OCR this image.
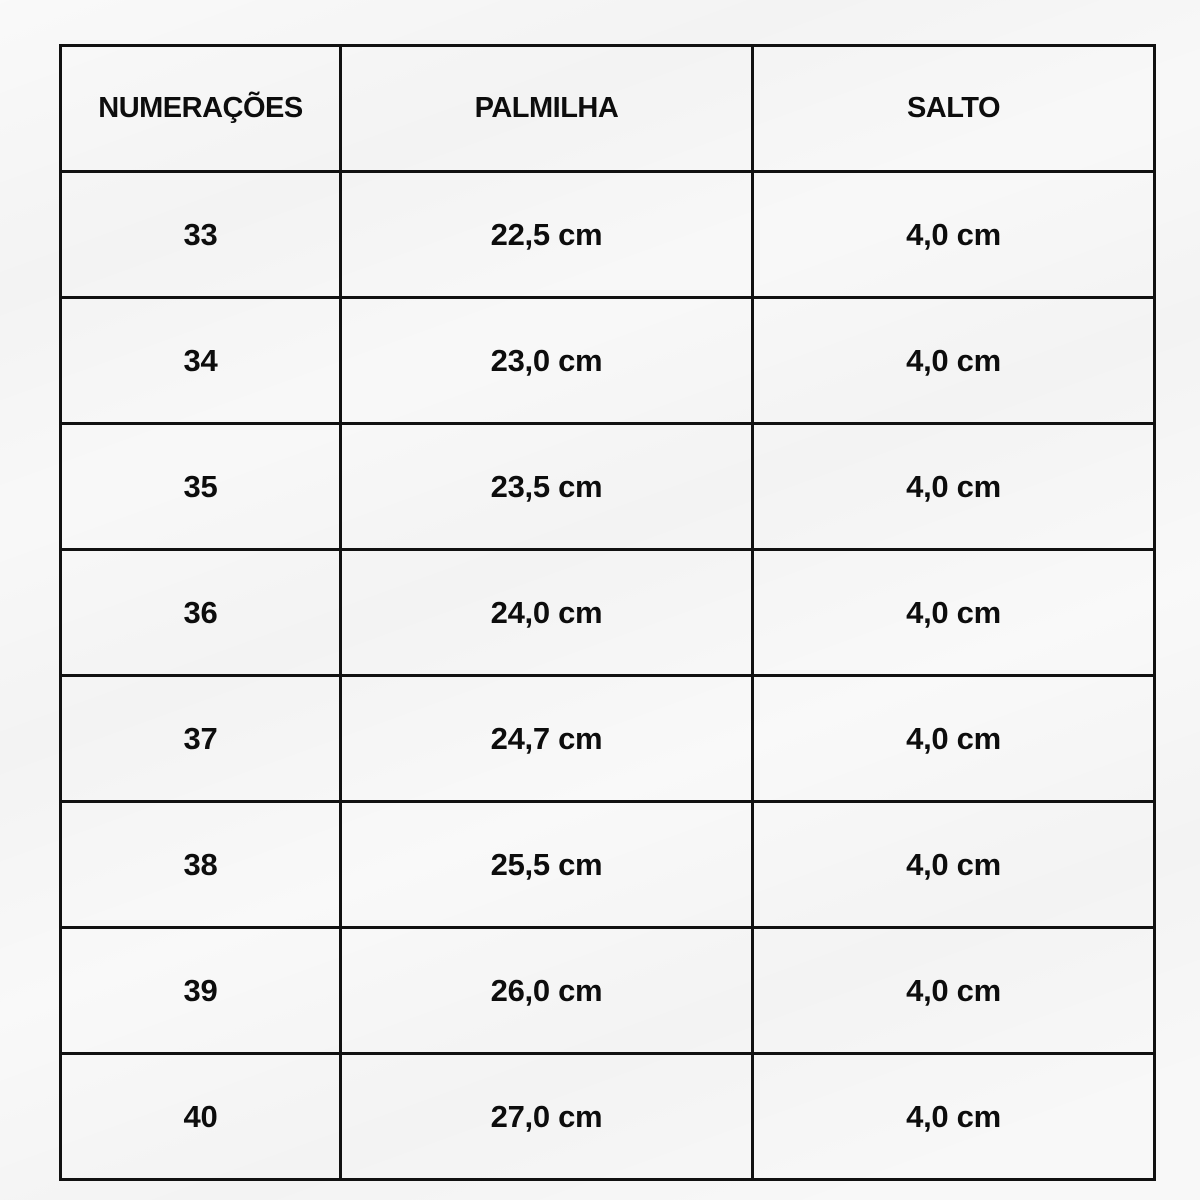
NUMERAÇÕES	PALMILHA	SALTO
33	22,5 cm	4,0 cm
34	23,0 cm	4,0 cm
35	23,5 cm	4,0 cm
36	24,0 cm	4,0 cm
37	24,7 cm	4,0 cm
38	25,5 cm	4,0 cm
39	26,0 cm	4,0 cm
40	27,0 cm	4,0 cm
